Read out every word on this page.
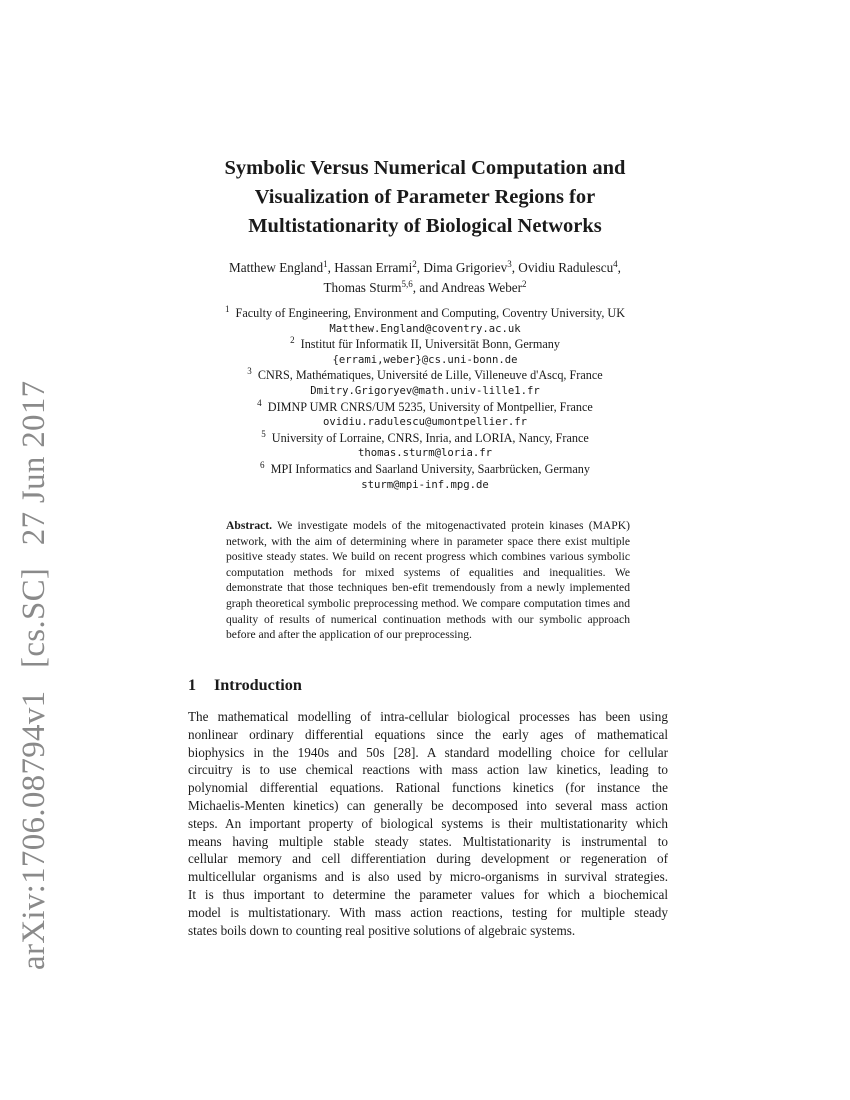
arXiv:1706.08794v1 [cs.SC] 27 Jun 2017
Symbolic Versus Numerical Computation and
Visualization of Parameter Regions for
Multistationarity of Biological Networks
Matthew England$^1$, Hassan Errami$^2$, Dima Grigoriev$^3$, Ovidiu Radulescu$^4$,
Thomas Sturm$^{5,6}$, and Andreas Weber$^2$
$^1$ Faculty of Engineering, Environment and Computing, Coventry University, UK
Matthew.England@coventry.ac.uk
$^2$ Institut für Informatik II, Universität Bonn, Germany
{errami,weber}@cs.uni-bonn.de
$^3$ CNRS, Mathématiques, Université de Lille, Villeneuve d'Ascq, France
Dmitry.Grigoryev@math.univ-lille1.fr
$^4$ DIMNP UMR CNRS/UM 5235, University of Montpellier, France
ovidiu.radulescu@umontpellier.fr
$^5$ University of Lorraine, CNRS, Inria, and LORIA, Nancy, France
thomas.sturm@loria.fr
$^6$ MPI Informatics and Saarland University, Saarbrücken, Germany
sturm@mpi-inf.mpg.de
Abstract. We investigate models of the mitogenactivated protein kinases (MAPK) network, with the aim of determining where in parameter space there exist multiple positive steady states. We build on recent progress which combines various symbolic computation methods for mixed systems of equalities and inequalities. We demonstrate that those techniques ben-efit tremendously from a newly implemented graph theoretical symbolic preprocessing method. We compare computation times and quality of results of numerical continuation methods with our symbolic approach before and after the application of our preprocessing.
1 Introduction
The mathematical modelling of intra-cellular biological processes has been using
nonlinear ordinary differential equations since the early ages of mathematical
biophysics in the 1940s and 50s [28]. A standard modelling choice for cellular
circuitry is to use chemical reactions with mass action law kinetics, leading to
polynomial differential equations. Rational functions kinetics (for instance the
Michaelis-Menten kinetics) can generally be decomposed into several mass action
steps. An important property of biological systems is their multistationarity which
means having multiple stable steady states. Multistationarity is instrumental to
cellular memory and cell differentiation during development or regeneration of
multicellular organisms and is also used by micro-organisms in survival strategies.
It is thus important to determine the parameter values for which a biochemical
model is multistationary. With mass action reactions, testing for multiple steady
states boils down to counting real positive solutions of algebraic systems.
